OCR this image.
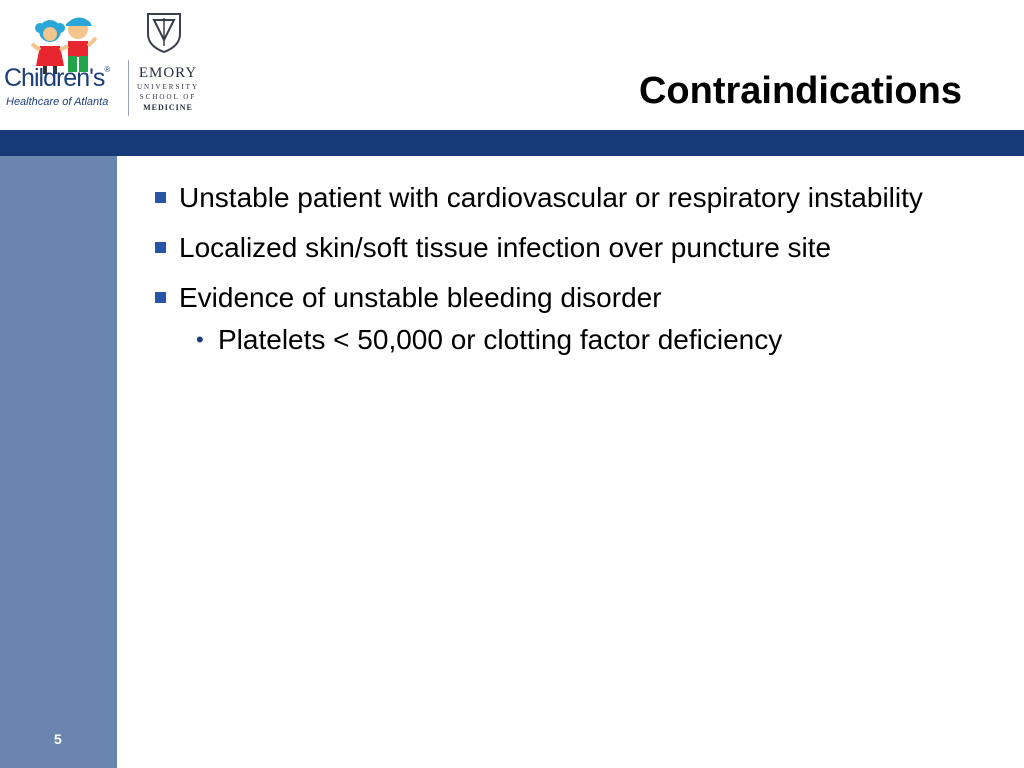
Children's®
Healthcare of Atlanta
EMORY
UNIVERSITY
SCHOOL OF
MEDICINE	Contraindications
5
Unstable patient with cardiovascular or respiratory instability
Localized skin/soft tissue infection over puncture site
Evidence of unstable bleeding disorder
• Platelets < 50,000 or clotting factor deficiency
